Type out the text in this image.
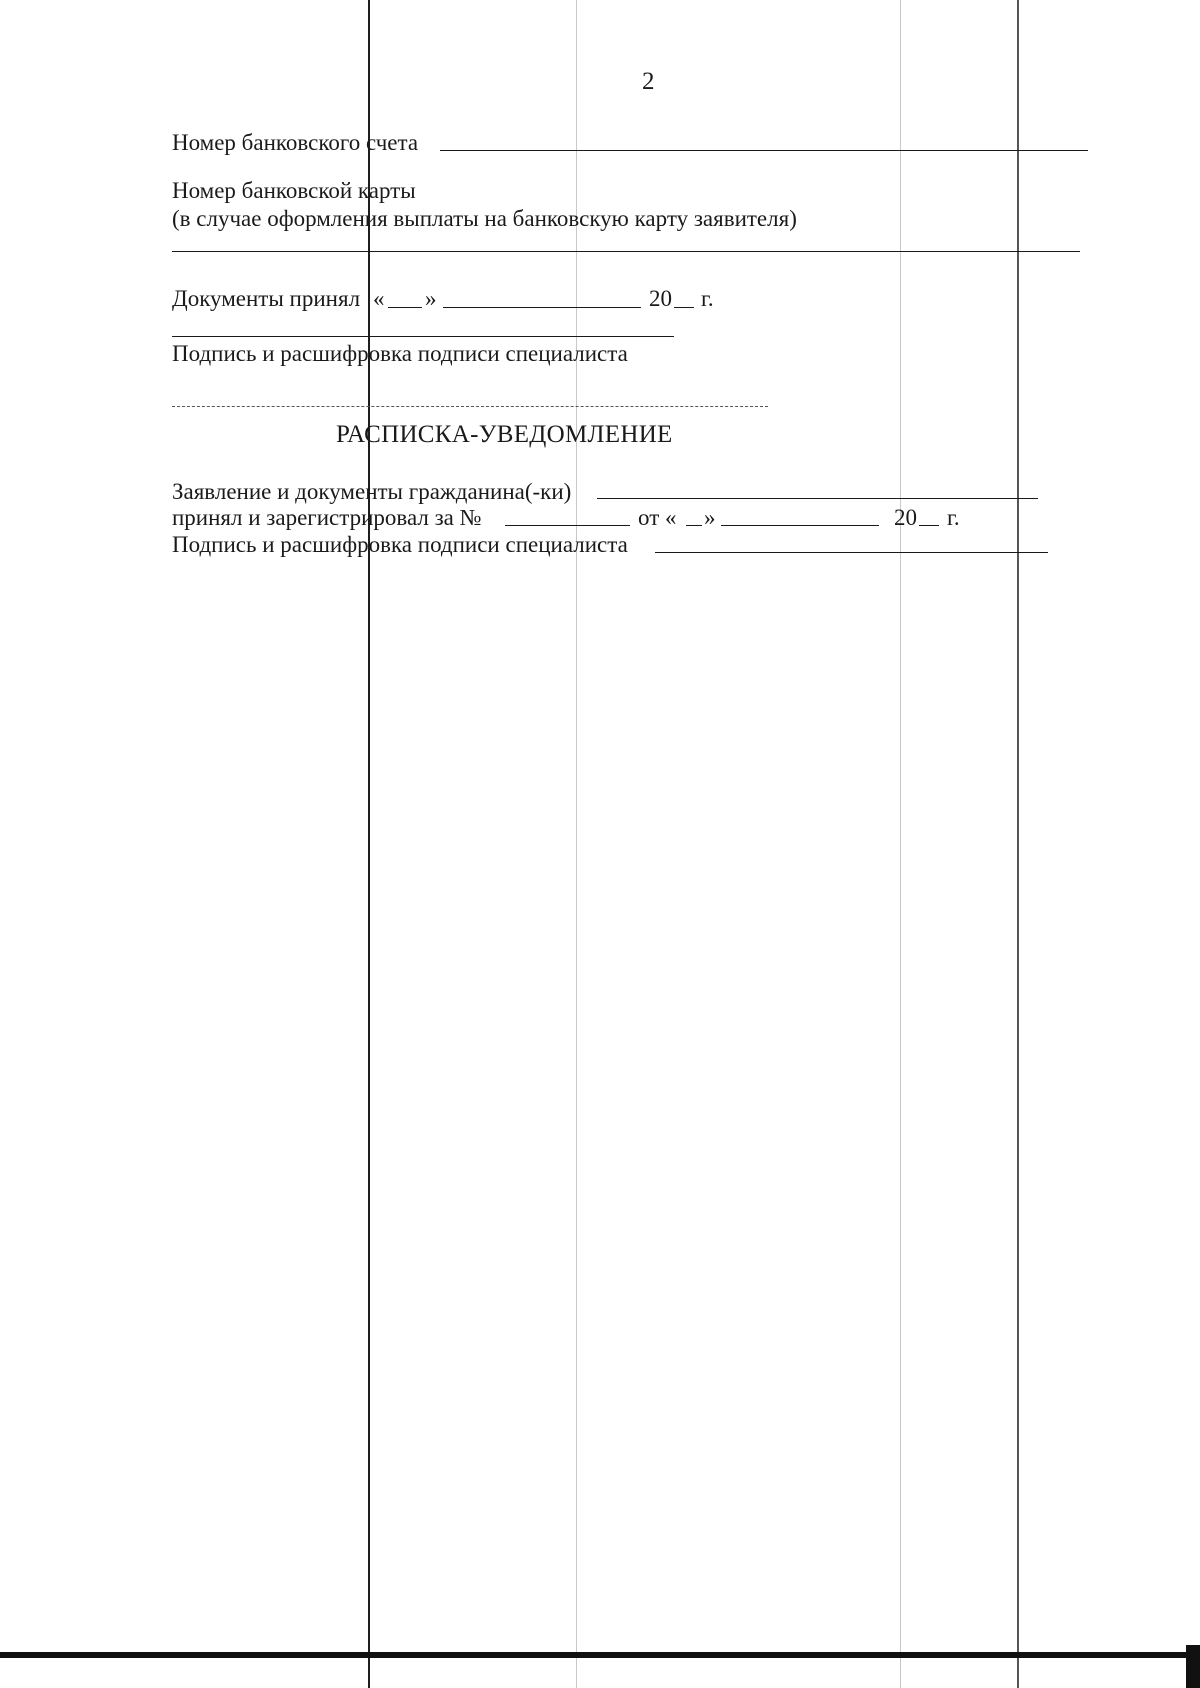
2
Номер банковского счета
Номер банковской карты
(в случае оформления выплаты на банковскую карту заявителя)
Документы принял « »	20 г.
Подпись и расшифровка подписи специалиста
РАСПИСКА-УВЕДОМЛЕНИЕ
Заявление и документы гражданина(-ки)
принял и зарегистрировал за №	от « »	20 г.
Подпись и расшифровка подписи специалиста
